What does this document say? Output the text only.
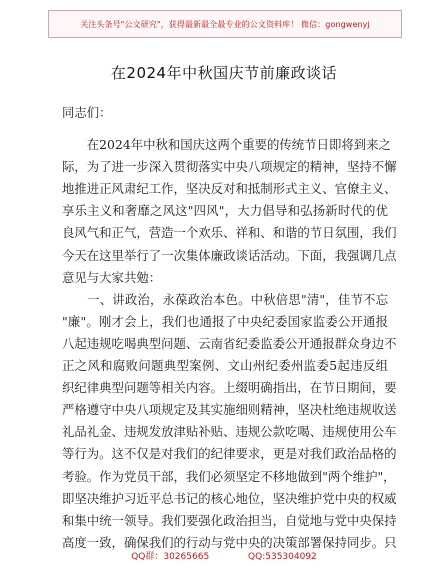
关注头条号"公文研究"，获得最新最全最专业的公文资料库！ 微信：gongwenyj
在2024年中秋国庆节前廉政谈话

同志们：

　　在2024年中秋和国庆这两个重要的传统节日即将到来之
际，为了进一步深入贯彻落实中央八项规定的精神，坚持不懈
地推进正风肃纪工作，坚决反对和抵制形式主义、官僚主义、
享乐主义和奢靡之风这"四风"，大力倡导和弘扬新时代的优
良风气和正气，营造一个欢乐、祥和、和谐的节日氛围，我们
今天在这里举行了一次集体廉政谈话活动。下面，我强调几点
意见与大家共勉：

　　一、讲政治，永葆政治本色。中秋倍思"清"，佳节不忘
"廉"。刚才会上，我们也通报了中央纪委国家监委公开通报
八起违规吃喝典型问题、云南省纪委监委公开通报群众身边不
正之风和腐败问题典型案例、文山州纪委州监委5起违反组
织纪律典型问题等相关内容。上缀明确指出，在节日期间，要
严格遵守中央八项规定及其实施细则精神，坚决杜绝违规收送
礼品礼金、违规发放津贴补贴、违规公款吃喝、违规使用公车
等行为。这不仅是对我们的纪律要求，更是对我们政治品格的
考验。作为党员干部，我们必须坚定不移地做到"两个维护"，
即坚决维护习近平总书记的核心地位，坚决维护党中央的权威
和集中统一领导。我们要强化政治担当，自觉地与党中央保持
高度一致，确保我们的行动与党中央的决策部署保持同步。只

QQ群：30265665	QQ:535304092
